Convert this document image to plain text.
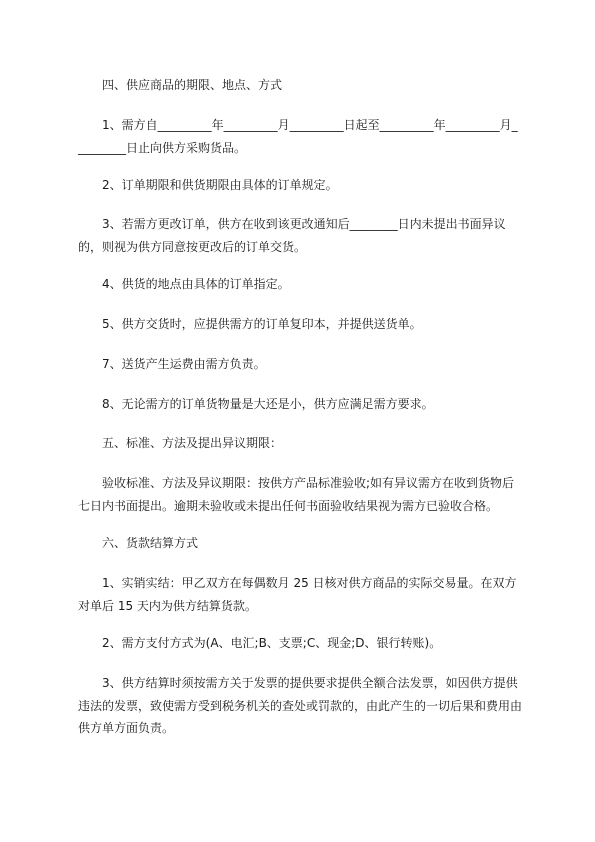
四、供应商品的期限、地点、方式

1、需方自_________年_________月_________日起至_________年_________月_________日止向供方采购货品。

2、订单期限和供货期限由具体的订单规定。

3、若需方更改订单，供方在收到该更改通知后________日内未提出书面异议的，则视为供方同意按更改后的订单交货。

4、供货的地点由具体的订单指定。

5、供方交货时，应提供需方的订单复印本，并提供送货单。

7、送货产生运费由需方负责。

8、无论需方的订单货物量是大还是小，供方应满足需方要求。

五、标准、方法及提出异议期限：

验收标准、方法及异议期限：按供方产品标准验收;如有异议需方在收到货物后七日内书面提出。逾期未验收或未提出任何书面验收结果视为需方已验收合格。

六、货款结算方式

1、实销实结：甲乙双方在每偶数月 25 日核对供方商品的实际交易量。在双方对单后 15 天内为供方结算货款。

2、需方支付方式为(A、电汇;B、支票;C、现金;D、银行转账)。

3、供方结算时须按需方关于发票的提供要求提供全额合法发票，如因供方提供违法的发票，致使需方受到税务机关的查处或罚款的，由此产生的一切后果和费用由供方单方面负责。
